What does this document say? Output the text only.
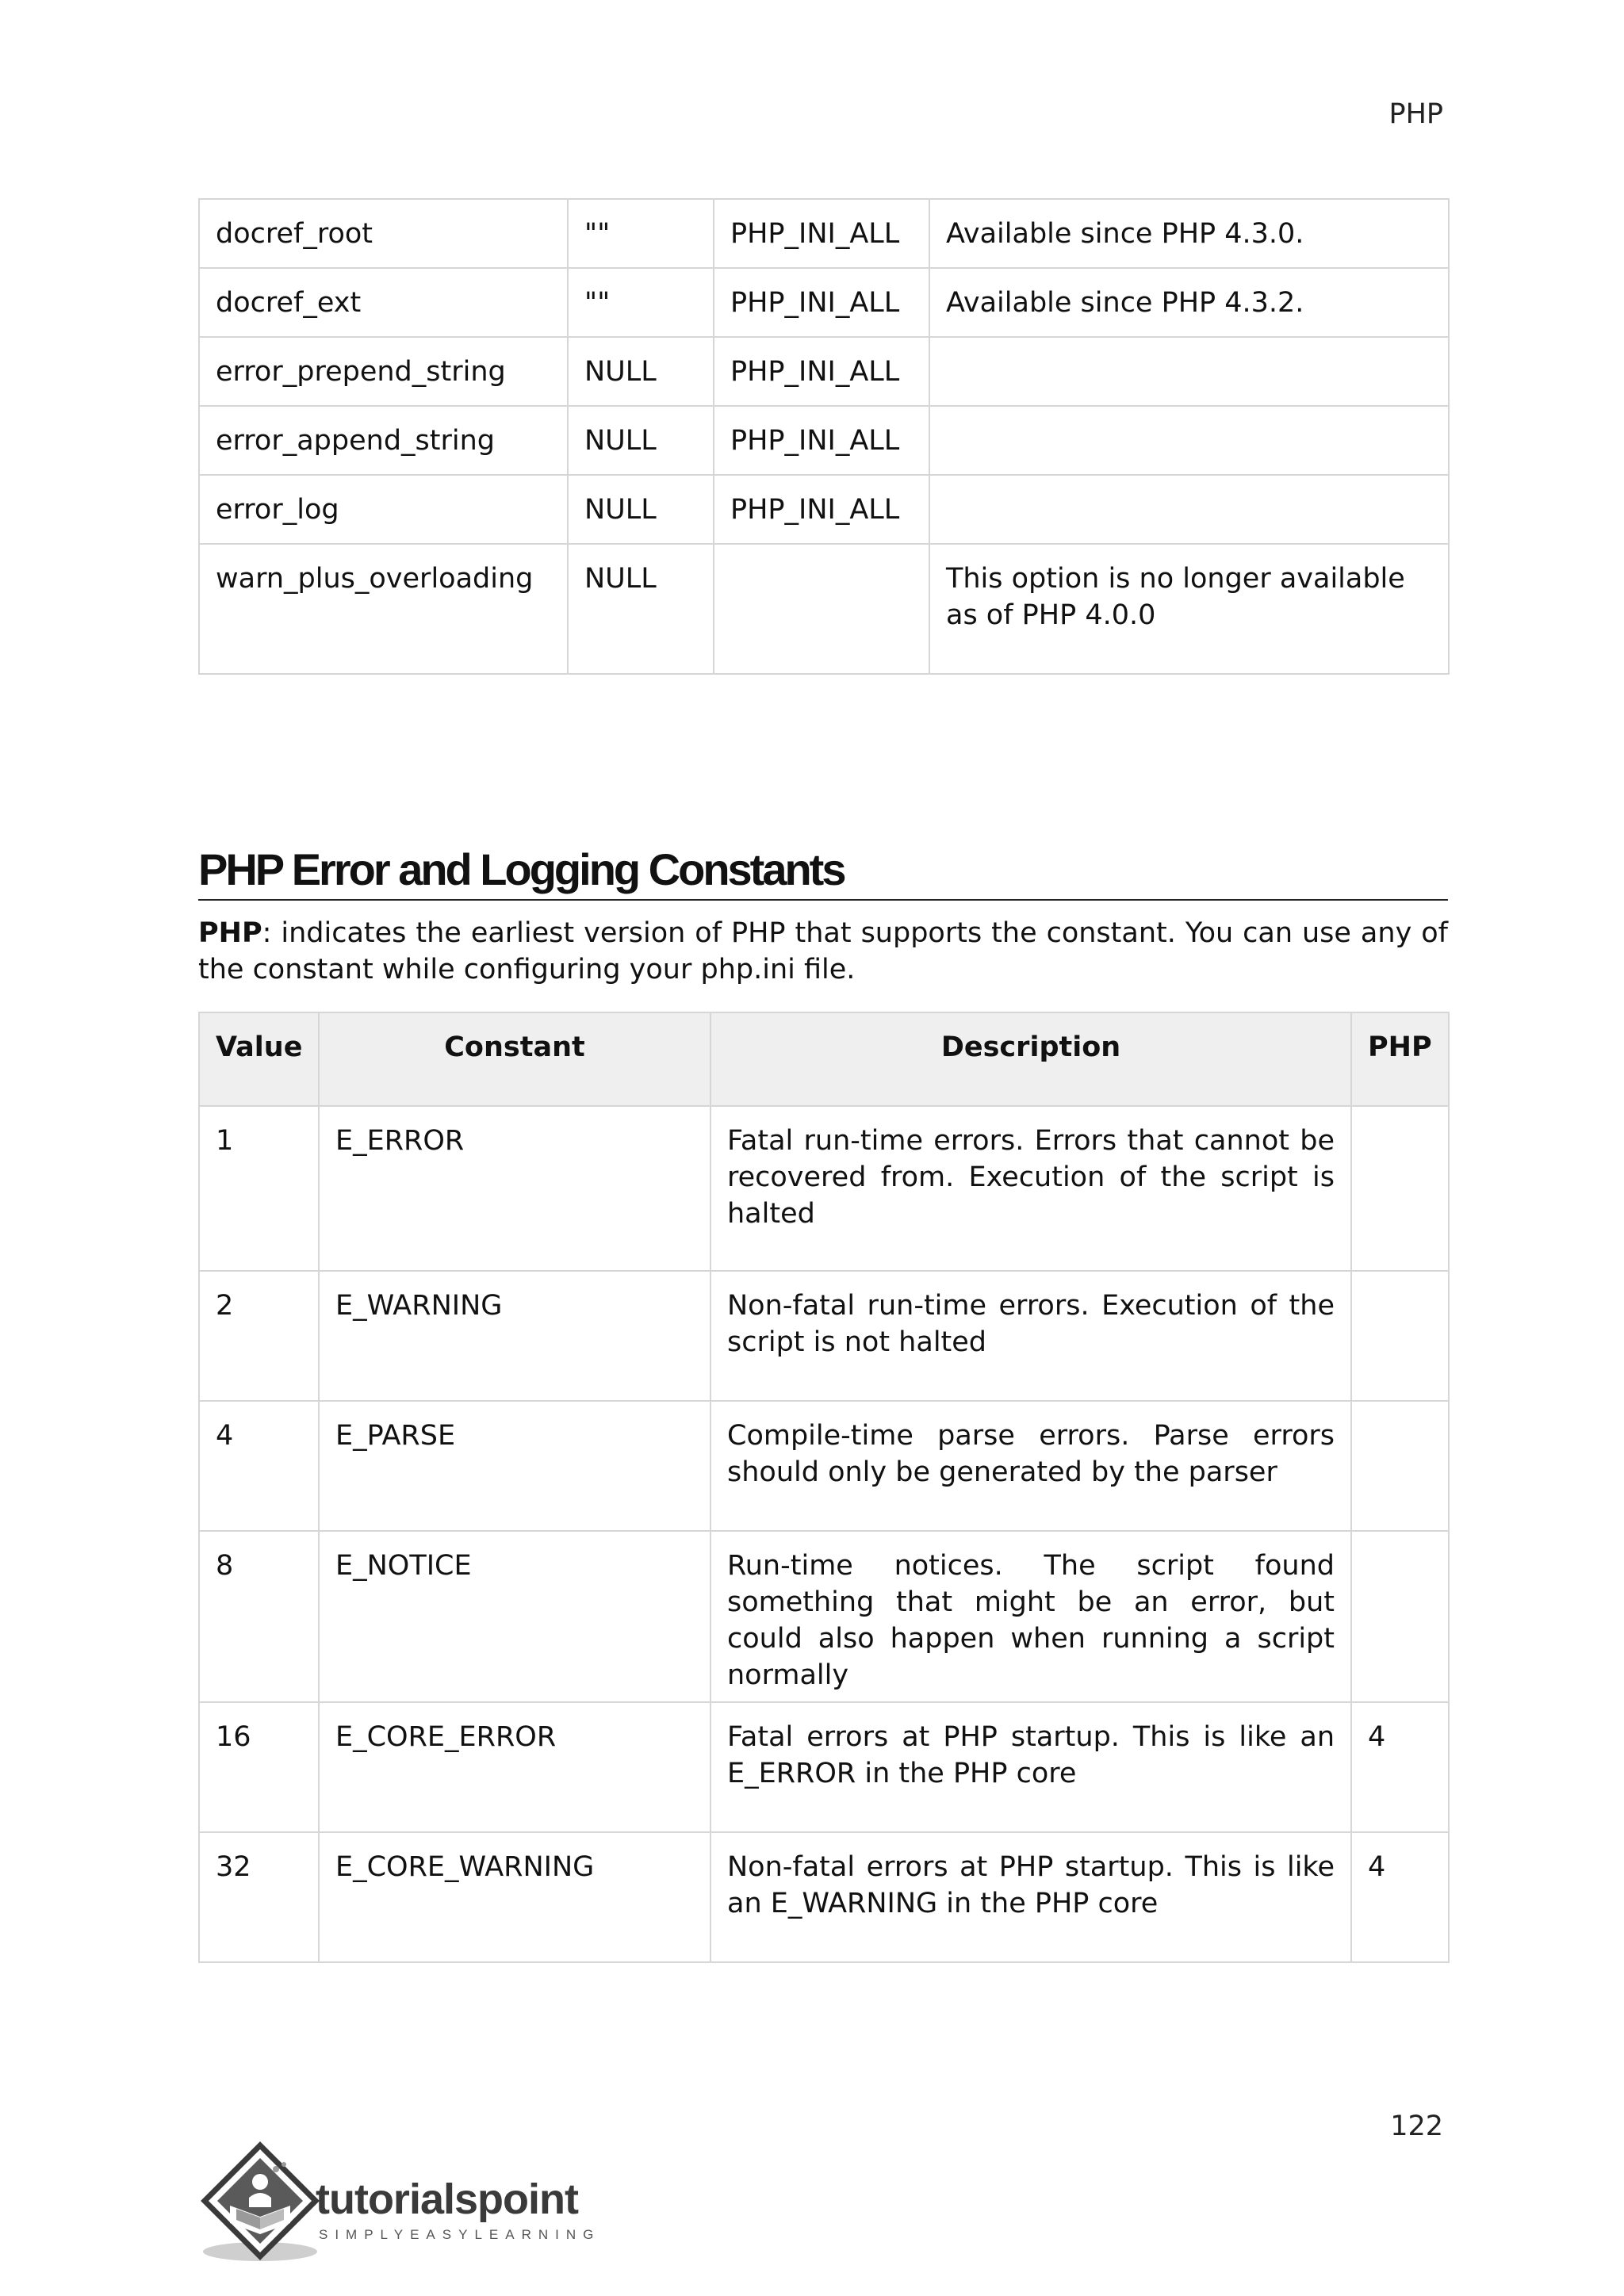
PHP
docref_root	""	PHP_INI_ALL	Available since PHP 4.3.0.
docref_ext	""	PHP_INI_ALL	Available since PHP 4.3.2.
error_prepend_string	NULL	PHP_INI_ALL	
error_append_string	NULL	PHP_INI_ALL	
error_log	NULL	PHP_INI_ALL	
warn_plus_overloading	NULL		This option is no longer available as of PHP 4.0.0
PHP Error and Logging Constants

PHP: indicates the earliest version of PHP that supports the constant. You can use any of the constant while configuring your php.ini file.

Value	Constant	Description	PHP
1	E_ERROR	Fatal run-time errors. Errors that cannot be recovered from. Execution of the script is halted	
2	E_WARNING	Non-fatal run-time errors. Execution of the script is not halted	
4	E_PARSE	Compile-time parse errors. Parse errors should only be generated by the parser	
8	E_NOTICE	Run-time notices. The script found something that might be an error, but could also happen when running a script normally	
16	E_CORE_ERROR	Fatal errors at PHP startup. This is like an E_ERROR in the PHP core	4
32	E_CORE_WARNING	Non-fatal errors at PHP startup. This is like an E_WARNING in the PHP core	4
122
tutorialspoint
SIMPLYEASYLEARNING
